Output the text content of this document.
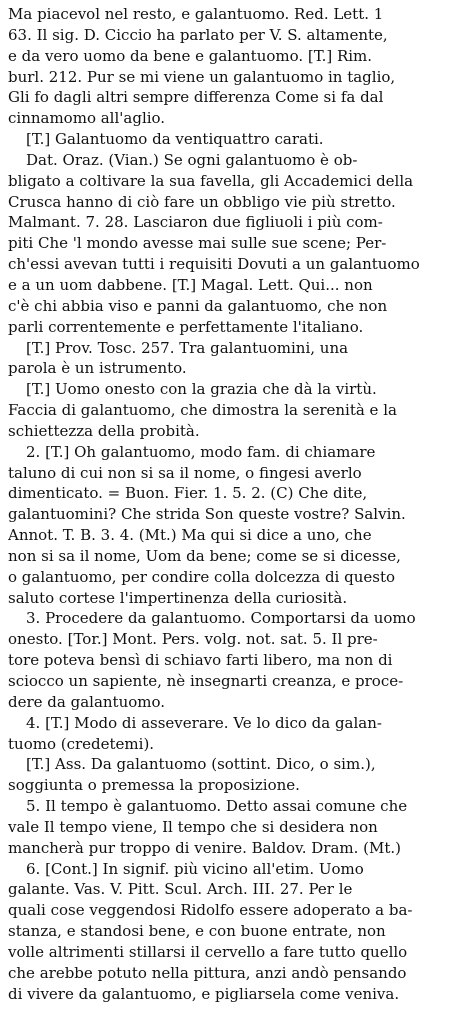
Ma piacevol nel resto, e galantuomo. Red. Lett. 1
63. Il sig. D. Ciccio ha parlato per V. S. altamente,
e da vero uomo da bene e galantuomo. [T.] Rim.
burl. 212. Pur se mi viene un galantuomo in taglio,
Gli fo dagli altri sempre differenza Come si fa dal
cinnamomo all'aglio.
[T.] Galantuomo da ventiquattro carati.
Dat. Oraz. (Vian.) Se ogni galantuomo è ob-
bligato a coltivare la sua favella, gli Accademici della
Crusca hanno di ciò fare un obbligo vie più stretto.
Malmant. 7. 28. Lasciaron due figliuoli i più com-
piti Che 'l mondo avesse mai sulle sue scene; Per-
ch'essi avevan tutti i requisiti Dovuti a un galantuomo
e a un uom dabbene. [T.] Magal. Lett. Qui... non
c'è chi abbia viso e panni da galantuomo, che non
parli correntemente e perfettamente l'italiano.
[T.] Prov. Tosc. 257. Tra galantuomini, una
parola è un istrumento.
[T.] Uomo onesto con la grazia che dà la virtù.
Faccia di galantuomo, che dimostra la serenità e la
schiettezza della probità.
2. [T.] Oh galantuomo, modo fam. di chiamare
taluno di cui non si sa il nome, o fingesi averlo
dimenticato. = Buon. Fier. 1. 5. 2. (C) Che dite,
galantuomini? Che strida Son queste vostre? Salvin.
Annot. T. B. 3. 4. (Mt.) Ma qui si dice a uno, che
non si sa il nome, Uom da bene; come se si dicesse,
o galantuomo, per condire colla dolcezza di questo
saluto cortese l'impertinenza della curiosità.
3. Procedere da galantuomo. Comportarsi da uomo
onesto. [Tor.] Mont. Pers. volg. not. sat. 5. Il pre-
tore poteva bensì di schiavo farti libero, ma non di
sciocco un sapiente, nè insegnarti creanza, e proce-
dere da galantuomo.
4. [T.] Modo di asseverare. Ve lo dico da galan-
tuomo (credetemi).
[T.] Ass. Da galantuomo (sottint. Dico, o sim.),
soggiunta o premessa la proposizione.
5. Il tempo è galantuomo. Detto assai comune che
vale Il tempo viene, Il tempo che si desidera non
mancherà pur troppo di venire. Baldov. Dram. (Mt.)
6. [Cont.] In signif. più vicino all'etim. Uomo
galante. Vas. V. Pitt. Scul. Arch. III. 27. Per le
quali cose veggendosi Ridolfo essere adoperato a ba-
stanza, e standosi bene, e con buone entrate, non
volle altrimenti stillarsi il cervello a fare tutto quello
che arebbe potuto nella pittura, anzi andò pensando
di vivere da galantuomo, e pigliarsela come veniva.
